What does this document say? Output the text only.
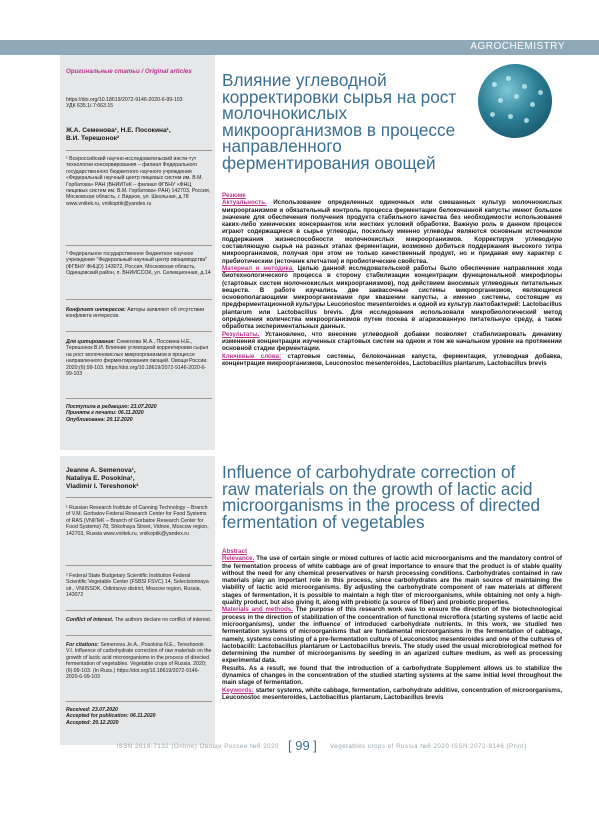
AGROCHEMISTRY
Оригинальные статьи / Original articles
https://doi.org/10.18619/2072-9146-2020-6-99-103
УДК 635.1/.7:663.15
Ж.А. Семенова¹, Н.Е. Посокина¹,
В.И. Терешонок²
¹ Всероссийский научно-исследовательский инсти-тут технологии консервирования – филиал Федерального государственного бюджетного научного учреждения «Федеральный научный центр пищевых систем им. В.М. Горбатова» РАН (ВНИИТеК – филиал ФГБНУ «ФНЦ пищевых систем им. В.М. Горбатова» РАН) 142703, Россия, Московская область, г. Видное, ул. Школьная, д.78 www.vniitek.ru, vniikoptik@yandex.ru
² Федеральное государственное бюджетное научное учреждение "Федеральный научный центр овощеводства" (ФГБНУ ФНЦО) 143072, Россия, Московская область, Одинцовский район, п. ВНИИССОК, ул. Селекционная, д.14
Конфликт интересов: Авторы заявляют об отсутствии конфликта интересов.
Для цитирования: Семенова Ж.А., Посокина Н.Е., Терешонок В.И. Влияние углеводной корректировки сырья на рост молочнокислых микроорганизмов в процессе направленного ферментирования овощей. Овощи России. 2020;(6):99-103. https://doi.org/10.18619/2072-9146-2020-6-99-103
Поступила в редакцию: 23.07.2020
Принята к печати: 06.11.2020
Опубликована: 20.12.2020
Jeanne A. Semenova¹,
Nataliya E. Posokina¹,
Vladimir I. Tereshonok²
¹ Russian Research Institute of Canning Technology – Branch of V.M. Gorbatov Federal Research Center for Food Systems of RAS (VNIITeK – Branch of Gorbatov Research Center for Food Systems) 78, Shkolnaya Street, Vidnoe, Moscow region, 142703, Russia www.vniitek.ru, vniikoptik@yandex.ru
² Federal State Budgetary Scientific Institution Federal Scientific Vegetable Center (FSBSI FSVC) 14, Selectsionnaya str., VNIISSOK, Odintsovo district, Moscow region, Russia, 143072
Conflict of interest. The authors declare no conflict of interest.
For citations: Semenova Je.A., Posokina N.E., Tereshonok V.I. Influence of carbohydrate correction of raw materials on the growth of lactic acid microorganisms in the process of directed fermentation of vegetables. Vegetable crops of Russia. 2020;(6):99-103. (In Russ.) https://doi.org/10.18619/2072-9146-2020-6-99-103
Received: 23.07.2020
Accepted for publication: 06.11.2020
Accepted: 20.12.2020
Влияние углеводной корректировки сырья на рост молочнокислых микроорганизмов в процессе направленного ферментирования овощей
Резюме
Актуальность. Использование определенных одиночных или смешанных культур молочнокислых микроорганизмов и обязательный контроль процесса ферментации белокочанной капусты имеют большое значение для обеспечения получения продукта стабильного качества без необходимости использования каких-либо химических консервантов или жестких условий обработки. Важную роль в данном процессе играют содержащиеся в сырье углеводы, поскольку именно углеводы являются основным источником поддержания жизнеспособности молочнокислых микроорганизмов. Корректируя углеводную составляющую сырья на разных этапах ферментации, возможно добиться поддержания высокого титра микроорганизмов, получая при этом не только качественный продукт, но и придавая ему характер с пребиотическим (источник клетчатки) и пробиотические свойства.
Материал и методика. Целью данной исследовательской работы было обеспечение направления хода биотехнологического процесса в сторону стабилизации концентрации функциональной микрофлоры (стартовых систем молочнокислых микроорганизмов), под действием вносимых углеводных питательных веществ. В работе изучались две закваcочные системы микроорганизмов, являющиеся основополагающими микроорганизмами при квашении капусты, а именно системы, состоящие из предферментационной культуры Leuconostoc mesenteroides и одной из культур лактобактерий: Lactobacillus plantarum или Lactobacillus brevis. Для исследования использовали микробиологический метод определения количества микроорганизмов путем посева в агаризованную питательную среду, а также обработка экспериментальных данных.
Результаты. Установлено, что внесение углеводной добавки позволяет стабилизировать динамику изменения концентрации изученных стартовых систем на одном и том же начальном уровне на протяжении основной стадии ферментации.
Ключевые слова: стартовые системы, белокочанная капуста, ферментация, углеводная добавка, концентрация микроорганизмов, Leuconostoc mesenteroides, Lactobacillus plantarum, Lactobacillus brevis
Influence of carbohydrate correction of raw materials on the growth of lactic acid microorganisms in the process of directed fermentation of vegetables
Abstract
Relevance. The use of certain single or mixed cultures of lactic acid microorganisms and the mandatory control of the fermentation process of white cabbage are of great importance to ensure that the product is of stable quality without the need for any chemical preservatives or harsh processing conditions. Carbohydrates contained in raw materials play an important role in this process, since carbohydrates are the main source of maintaining the viability of lactic acid microorganisms. By adjusting the carbohydrate component of raw materials at different stages of fermentation, it is possible to maintain a high titer of microorganisms, while obtaining not only a high-quality product, but also giving it, along with prebiotic (a source of fiber) and probiotic properties.
Materials and methods. The purpose of this research work was to ensure the direction of the biotechnological process in the direction of stabilization of the concentration of functional microflora (starting systems of lactic acid microorganisms), under the influence of introduced carbohydrate nutrients. In this work, we studied two fermentation systems of microorganisms that are fundamental microorganisms in the fermentation of cabbage, namely, systems consisting of a pre-fermentation culture of Leuconostoc mesenteroides and one of the cultures of lactobacilli: Lactobacillus plantarum or Lactobacillus brevis. The study used the usual microbiological method for determining the number of microorganisms by seeding in an agarized culture medium, as well as processing experimental data.
Results. As a result, we found that the introduction of a carbohydrate Supplement allows us to stabilize the dynamics of changes in the concentration of the studied starting systems at the same initial level throughout the main stage of fermentation.
Keywords: starter systems, white cabbage, fermentation, carbohydrate additive, concentration of microorganisms, Leuconostoc mesenteroides, Lactobacillus plantarum, Lactobacillus brevis
ISSN 2618-7132 (Online) Овощи России №6 2020 [ 99 ] Vegetables crops of Russia №6 2020 ISSN 2072-9146 (Print)
